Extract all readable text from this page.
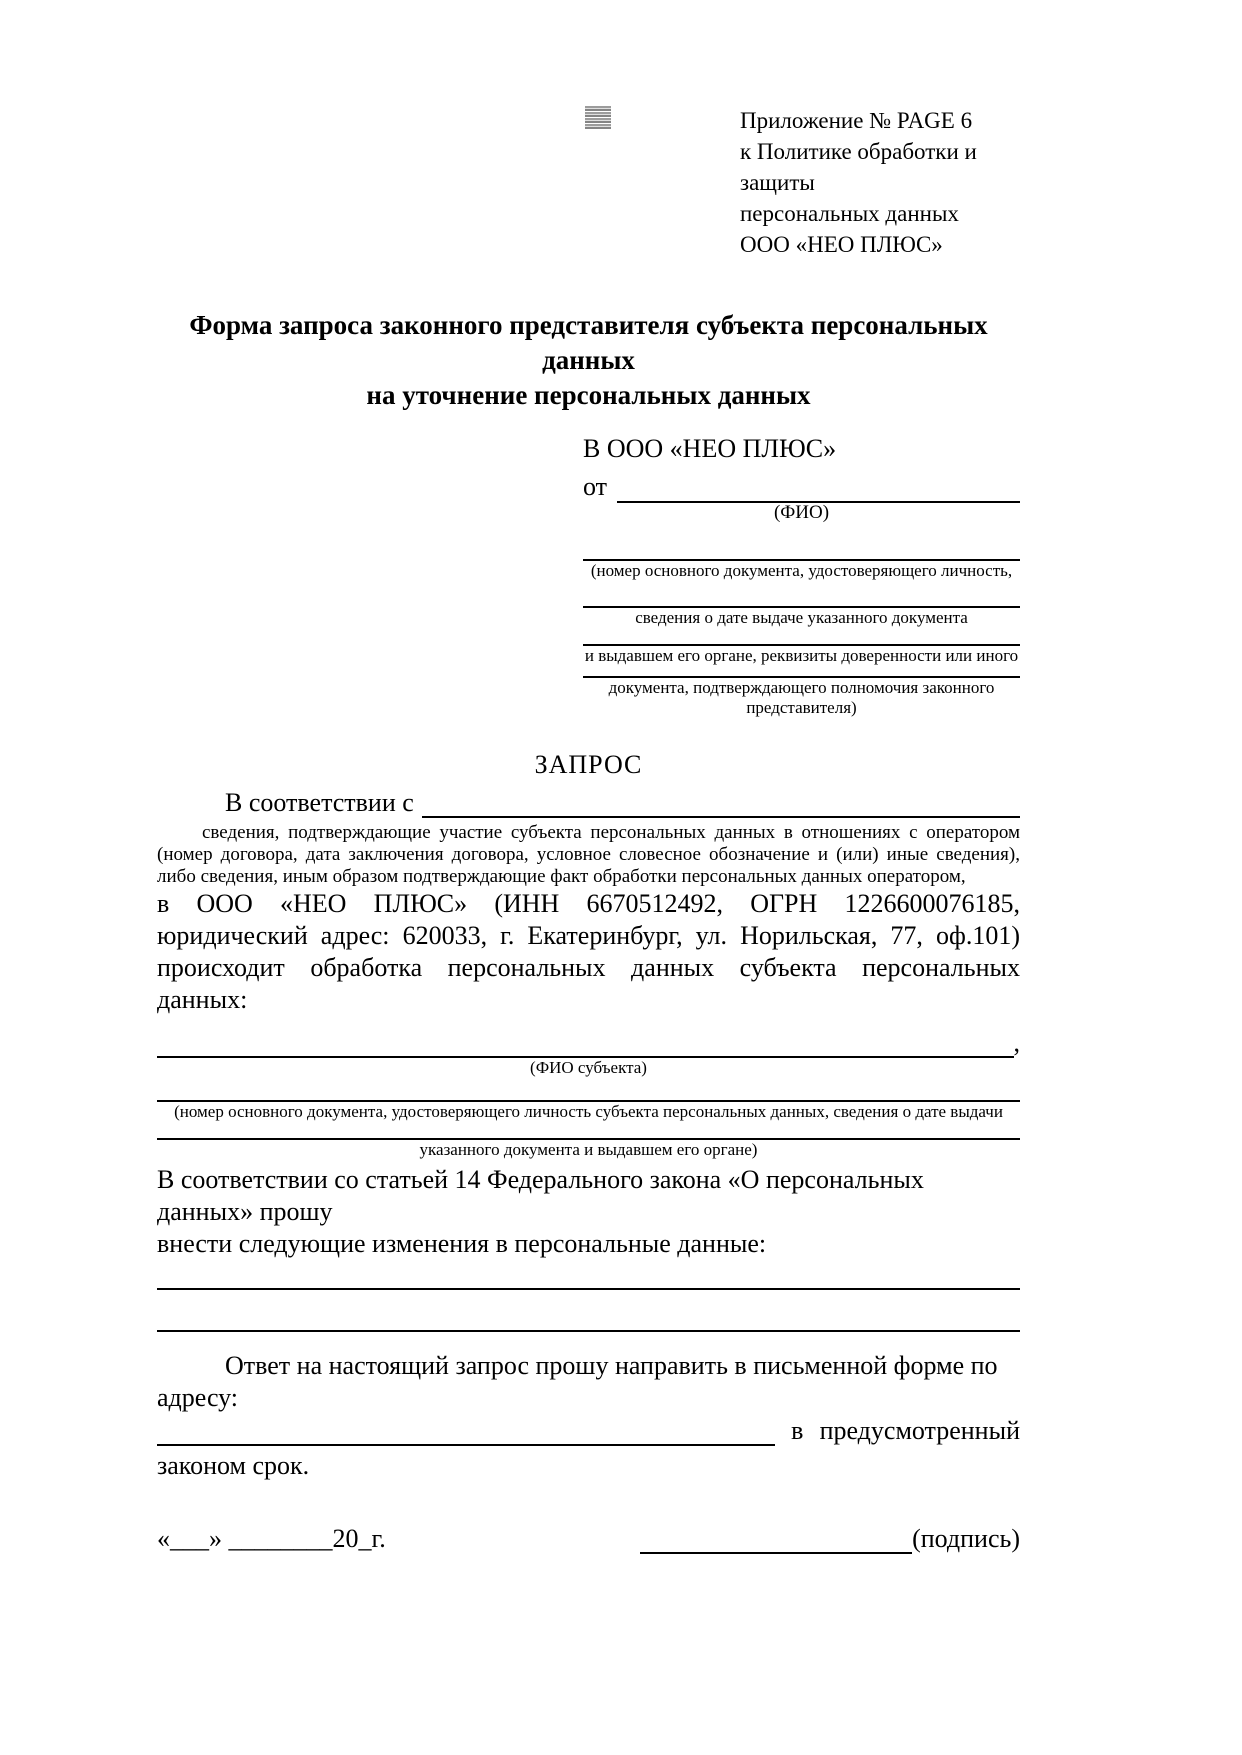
Приложение № PAGE 6
к Политике обработки и защиты
персональных данных
ООО «НЕО ПЛЮС»
Форма запроса законного представителя субъекта персональных данных
на уточнение персональных данных
В ООО «НЕО ПЛЮС»
от
(ФИО)
(номер основного документа, удостоверяющего личность,
сведения о дате выдаче указанного документа
и выдавшем его органе, реквизиты доверенности или иного
документа, подтверждающего полномочия законного представителя)
ЗАПРОС
В соответствии с
сведения, подтверждающие участие субъекта персональных данных в отношениях с оператором (номер договора, дата заключения договора, условное словесное обозначение и (или) иные сведения), либо сведения, иным образом подтверждающие факт обработки персональных данных оператором,
в ООО «НЕО ПЛЮС» (ИНН 6670512492, ОГРН 1226600076185, юридический адрес: 620033, г. Екатеринбург, ул. Норильская, 77, оф.101) происходит обработка персональных данных субъекта персональных данных:
,
(ФИО субъекта)
(номер основного документа, удостоверяющего личность субъекта персональных данных, сведения о дате выдачи
указанного документа и выдавшем его органе)
В соответствии со статьей 14 Федерального закона «О персональных данных» прошу
внести следующие изменения в персональные данные:
Ответ на настоящий запрос прошу направить в письменной форме по адресу:
в предусмотренный
законом срок.
«___» ________20_г.	(подпись)
